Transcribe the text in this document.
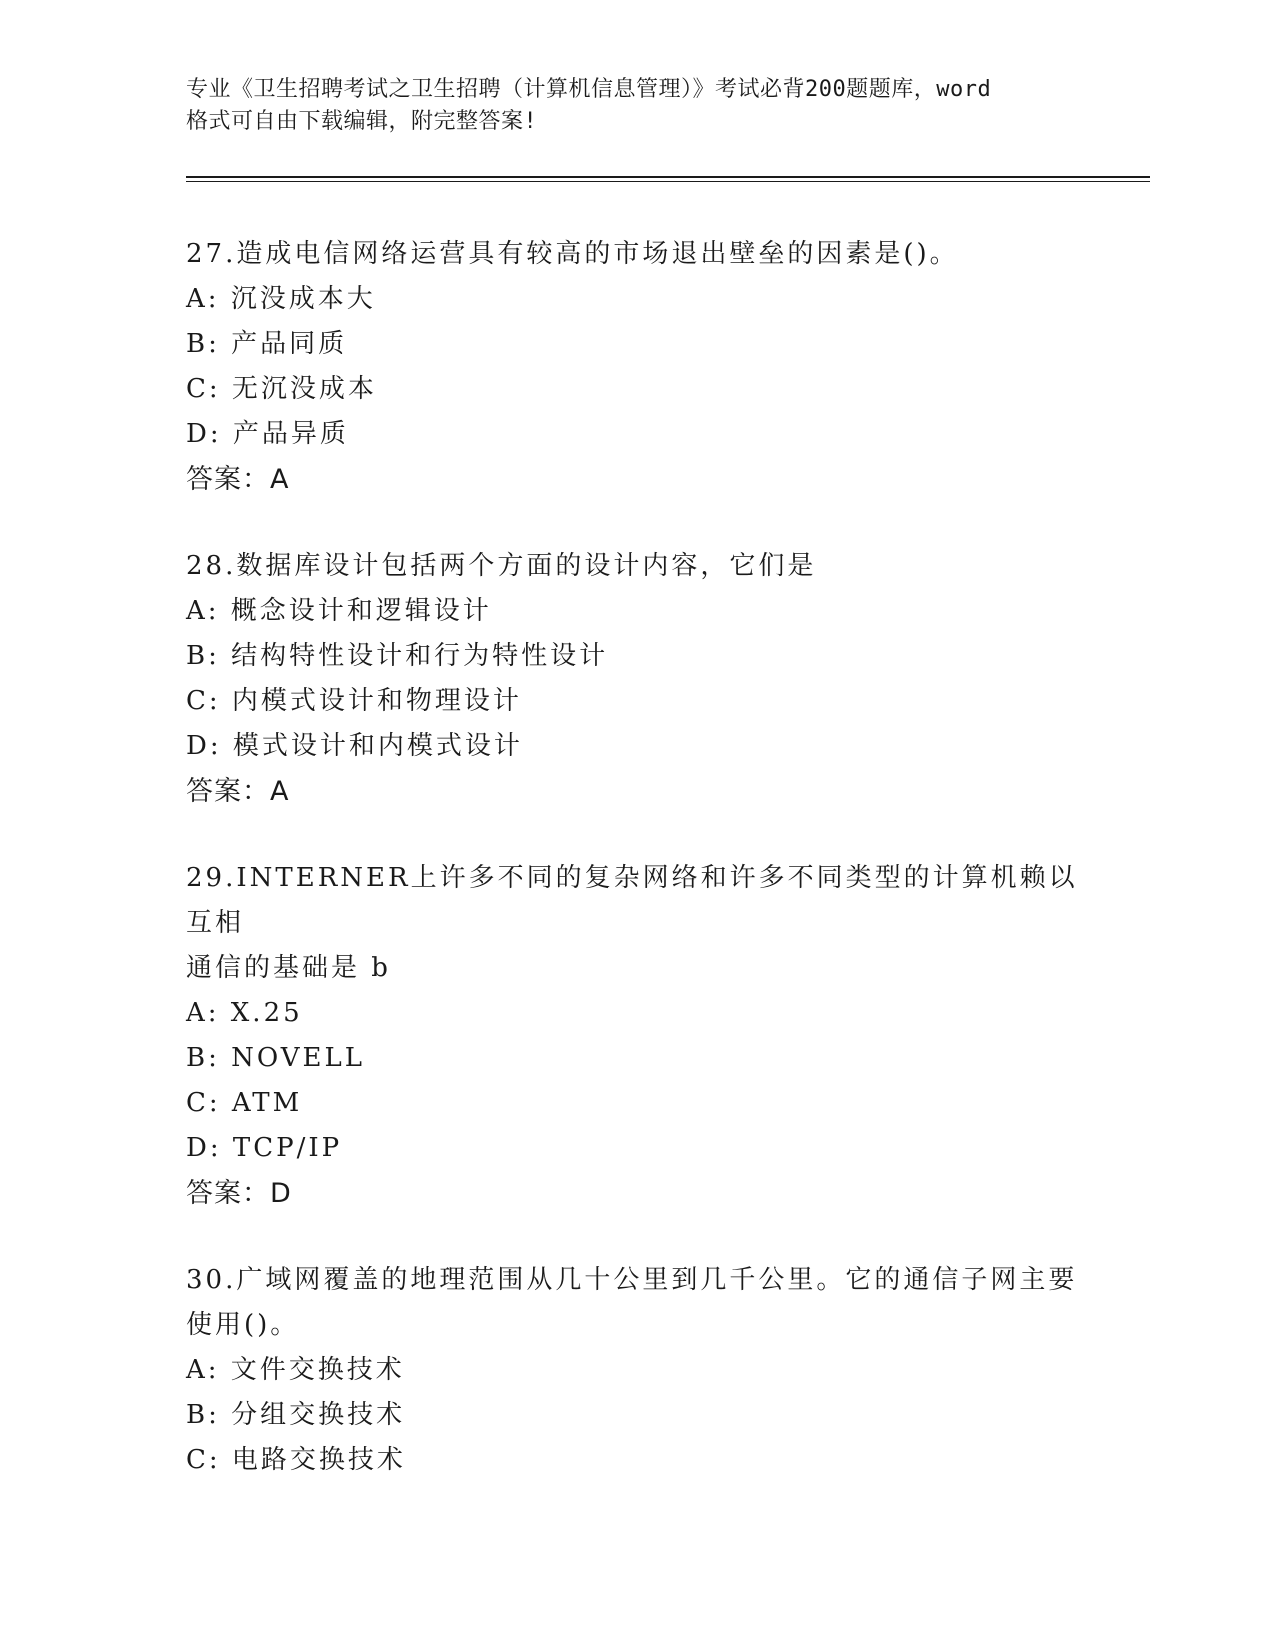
专业《卫生招聘考试之卫生招聘（计算机信息管理）》考试必背200题题库，word
格式可自由下载编辑，附完整答案!
27.造成电信网络运营具有较高的市场退出壁垒的因素是()。
A: 沉没成本大
B: 产品同质
C: 无沉没成本
D: 产品异质
答案：A
28.数据库设计包括两个方面的设计内容，它们是
A: 概念设计和逻辑设计
B: 结构特性设计和行为特性设计
C: 内模式设计和物理设计
D: 模式设计和内模式设计
答案：A
29.INTERNER上许多不同的复杂网络和许多不同类型的计算机赖以互相
通信的基础是 b
A: X.25
B: NOVELL
C: ATM
D: TCP/IP
答案：D
30.广域网覆盖的地理范围从几十公里到几千公里。它的通信子网主要
使用()。
A: 文件交换技术
B: 分组交换技术
C: 电路交换技术
